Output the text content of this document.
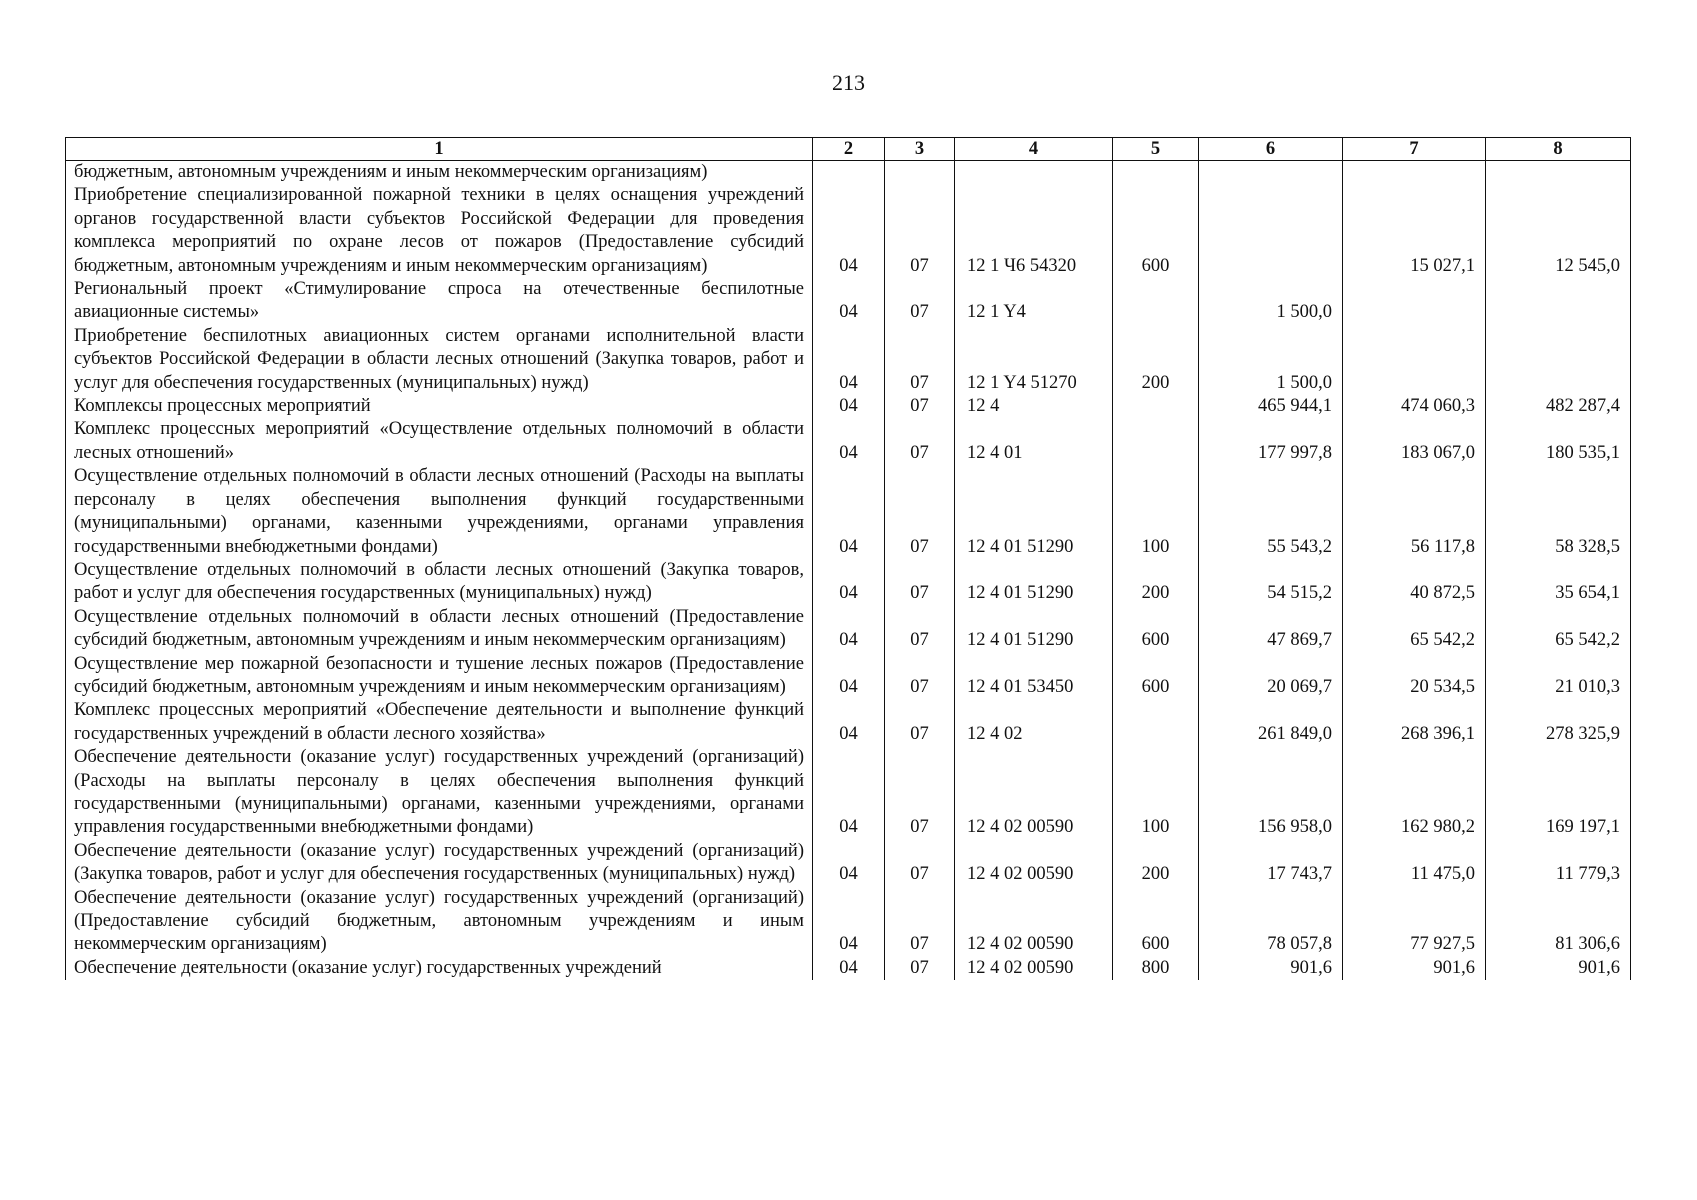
213
1	2	3	4	5	6	7	8
бюджетным, автономным учреждениям и иным некоммерческим организациям)							
Приобретение специализированной пожарной техники в целях оснащения учреждений органов государственной власти субъектов Российской Федерации для проведения комплекса мероприятий по охране лесов от пожаров (Предоставление субсидий бюджетным, автономным учреждениям и иным некоммерческим организациям)	04	07	12 1 Ч6 54320	600		15 027,1	12 545,0
Региональный проект «Стимулирование спроса на отечественные беспилотные авиационные системы»	04	07	12 1 Y4		1 500,0		
Приобретение беспилотных авиационных систем органами исполнительной власти субъектов Российской Федерации в области лесных отношений (Закупка товаров, работ и услуг для обеспечения государственных (муниципальных) нужд)	04	07	12 1 Y4 51270	200	1 500,0		
Комплексы процессных мероприятий	04	07	12 4		465 944,1	474 060,3	482 287,4
Комплекс процессных мероприятий «Осуществление отдельных полномочий в области лесных отношений»	04	07	12 4 01		177 997,8	183 067,0	180 535,1
Осуществление отдельных полномочий в области лесных отношений (Расходы на выплаты персоналу в целях обеспечения выполнения функций государственными (муниципальными) органами, казенными учреждениями, органами управления государственными внебюджетными фондами)	04	07	12 4 01 51290	100	55 543,2	56 117,8	58 328,5
Осуществление отдельных полномочий в области лесных отношений (Закупка товаров, работ и услуг для обеспечения государственных (муниципальных) нужд)	04	07	12 4 01 51290	200	54 515,2	40 872,5	35 654,1
Осуществление отдельных полномочий в области лесных отношений (Предоставление субсидий бюджетным, автономным учреждениям и иным некоммерческим организациям)	04	07	12 4 01 51290	600	47 869,7	65 542,2	65 542,2
Осуществление мер пожарной безопасности и тушение лесных пожаров (Предоставление субсидий бюджетным, автономным учреждениям и иным некоммерческим организациям)	04	07	12 4 01 53450	600	20 069,7	20 534,5	21 010,3
Комплекс процессных мероприятий «Обеспечение деятельности и выполнение функций государственных учреждений в области лесного хозяйства»	04	07	12 4 02		261 849,0	268 396,1	278 325,9
Обеспечение деятельности (оказание услуг) государственных учреждений (организаций) (Расходы на выплаты персоналу в целях обеспечения выполнения функций государственными (муниципальными) органами, казенными учреждениями, органами управления государственными внебюджетными фондами)	04	07	12 4 02 00590	100	156 958,0	162 980,2	169 197,1
Обеспечение деятельности (оказание услуг) государственных учреждений (организаций) (Закупка товаров, работ и услуг для обеспечения государственных (муниципальных) нужд)	04	07	12 4 02 00590	200	17 743,7	11 475,0	11 779,3
Обеспечение деятельности (оказание услуг) государственных учреждений (организаций) (Предоставление субсидий бюджетным, автономным учреждениям и иным некоммерческим организациям)	04	07	12 4 02 00590	600	78 057,8	77 927,5	81 306,6
Обеспечение деятельности (оказание услуг) государственных учреждений	04	07	12 4 02 00590	800	901,6	901,6	901,6
